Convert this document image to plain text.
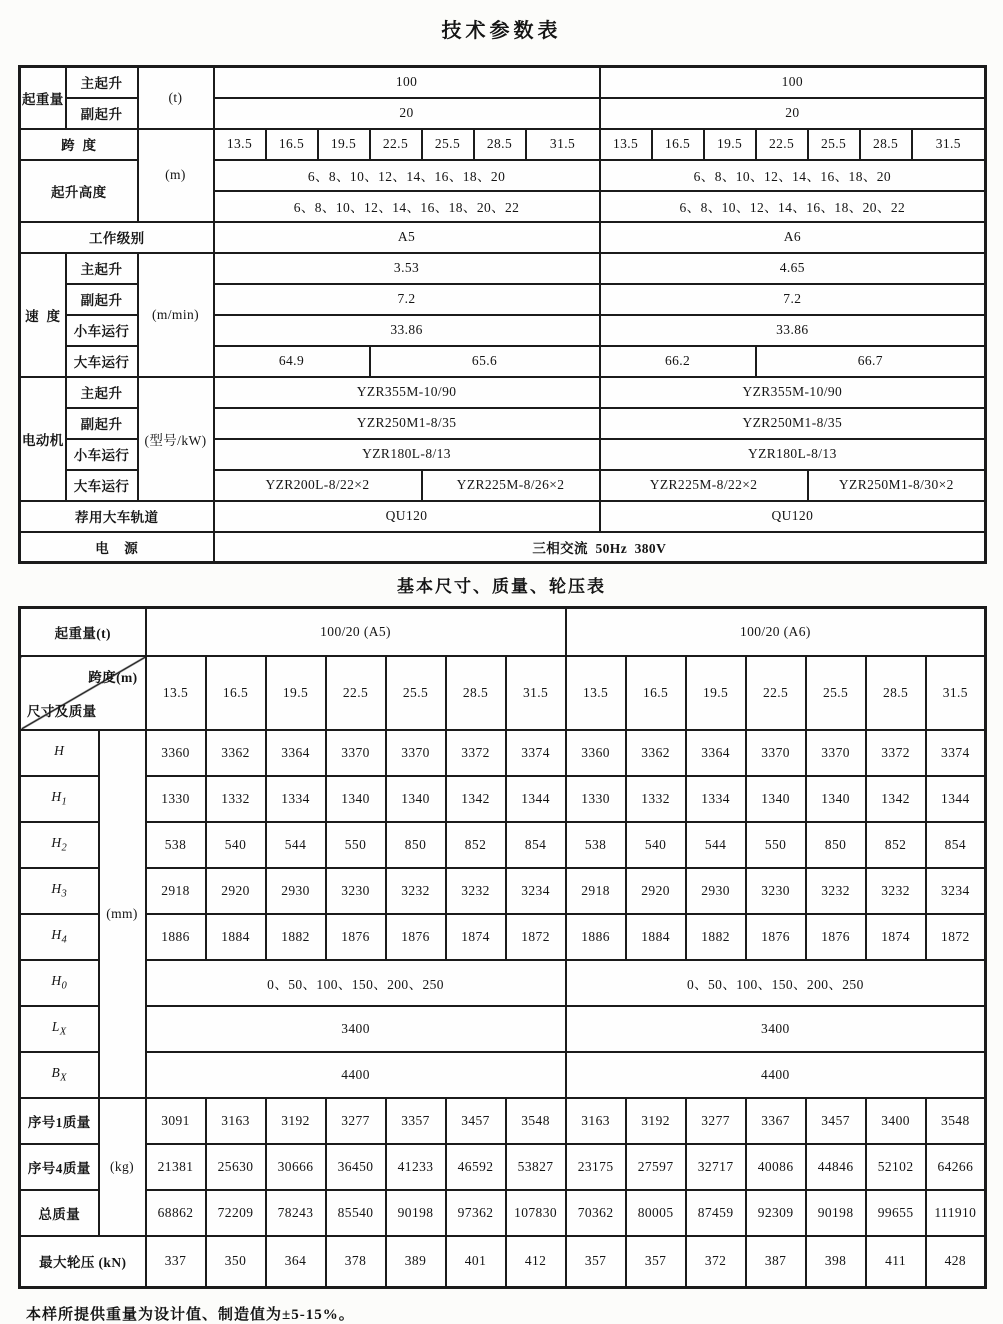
技术参数表
起重量	主起升	(t)	100							100						
	副起升		20							20						
跨  度		(m)	13.5	16.5	19.5	22.5	25.5	28.5	31.5	13.5	16.5	19.5	22.5	25.5	28.5	31.5
起升高度			6、8、10、12、14、16、18、20							6、8、10、12、14、16、18、20						
			6、8、10、12、14、16、18、20、22							6、8、10、12、14、16、18、20、22						
工作级别			A5							A6						
速  度	主起升	(m/min)	3.53							4.65						
	副起升		7.2							7.2						
	小车运行		33.86							33.86						
	大车运行		64.9			65.6				66.2			66.7			
电动机	主起升	(型号/kW)	YZR355M-10/90							YZR355M-10/90						
	副起升		YZR250M1-8/35							YZR250M1-8/35						
	小车运行		YZR180L-8/13							YZR180L-8/13						
	大车运行		YZR200L-8/22×2				YZR225M-8/26×2			YZR225M-8/22×2				YZR250M1-8/30×2		
荐用大车轨道			QU120							QU120						
电    源			三相交流  50Hz  380V													
基本尺寸、质量、轮压表
起重量(t)		100/20 (A5)							100/20 (A6)						

跨度(m)
尺寸及质量		13.5	16.5	19.5	22.5	25.5	28.5	31.5	13.5	16.5	19.5	22.5	25.5	28.5	31.5
H	(mm)	3360	3362	3364	3370	3370	3372	3374	3360	3362	3364	3370	3370	3372	3374
$H_1$		1330	1332	1334	1340	1340	1342	1344	1330	1332	1334	1340	1340	1342	1344
$H_2$		538	540	544	550	850	852	854	538	540	544	550	850	852	854
$H_3$		2918	2920	2930	3230	3232	3232	3234	2918	2920	2930	3230	3232	3232	3234
$H_4$		1886	1884	1882	1876	1876	1874	1872	1886	1884	1882	1876	1876	1874	1872
$H_0$		0、50、100、150、200、250							0、50、100、150、200、250						
$L_X$		3400							3400						
$B_X$		4400							4400						
序号1质量	(kg)	3091	3163	3192	3277	3357	3457	3548	3163	3192	3277	3367	3457	3400	3548
序号4质量		21381	25630	30666	36450	41233	46592	53827	23175	27597	32717	40086	44846	52102	64266
总质量		68862	72209	78243	85540	90198	97362	107830	70362	80005	87459	92309	90198	99655	111910
最大轮压 (kN)		337	350	364	378	389	401	412	357	357	372	387	398	411	428
本样所提供重量为设计值、制造值为±5-15%。
